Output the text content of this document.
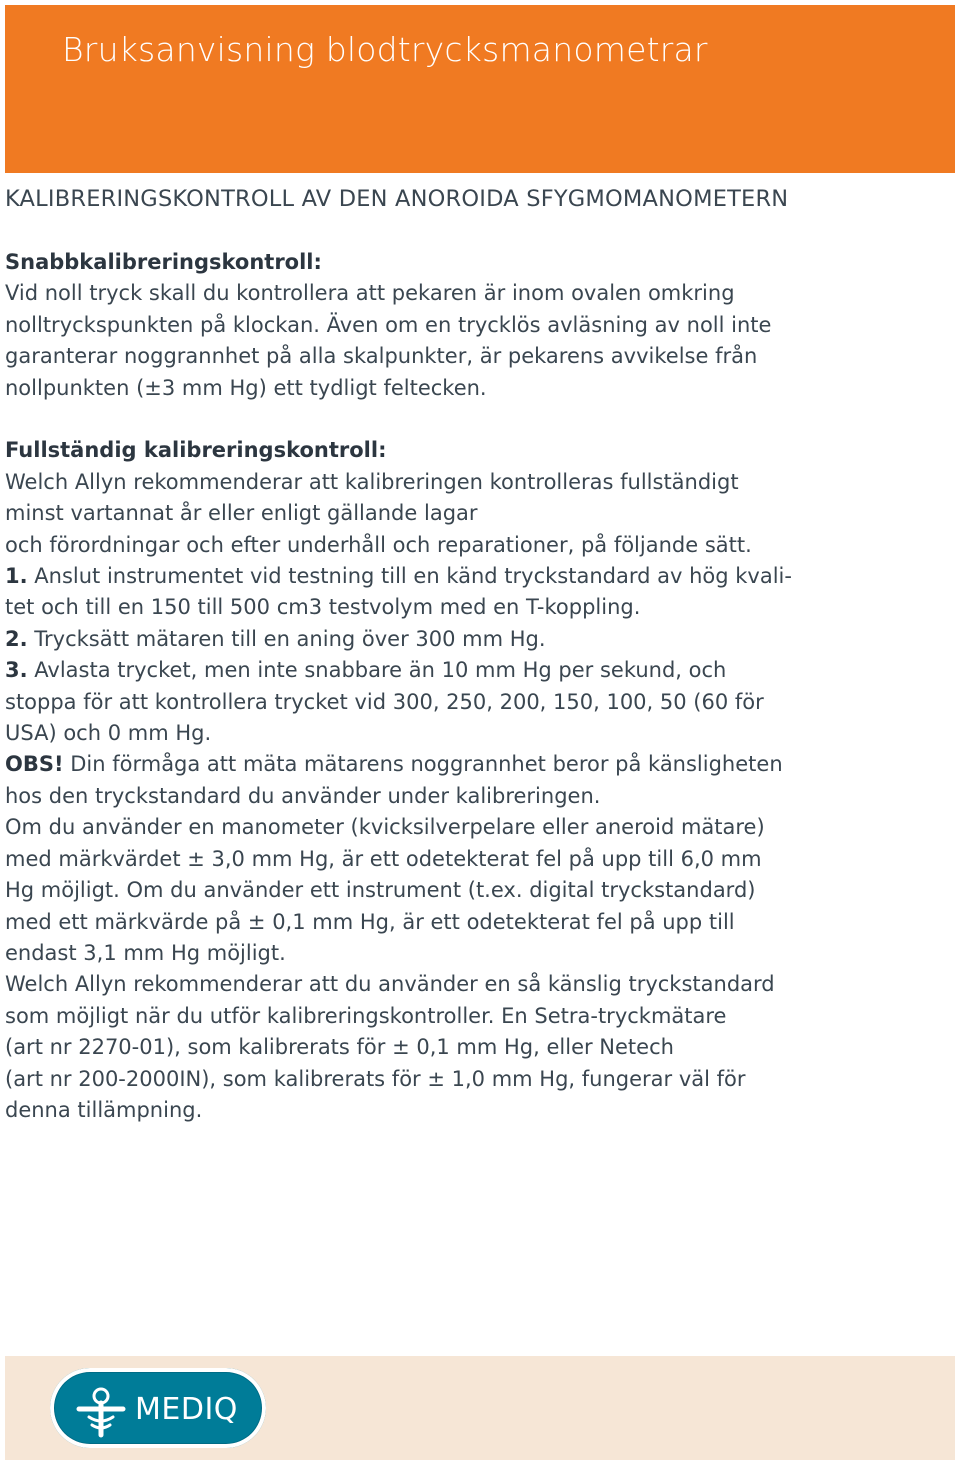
Bruksanvisning blodtrycksmanometrar
KALIBRERINGSKONTROLL AV DEN ANOROIDA SFYGMOMANOMETERN
Snabbkalibreringskontroll:
Vid noll tryck skall du kontrollera att pekaren är inom ovalen omkring
nolltryckspunkten på klockan. Även om en trycklös avläsning av noll inte
garanterar noggrannhet på alla skalpunkter, är pekarens avvikelse från
nollpunkten (±3 mm Hg) ett tydligt feltecken.
Fullständig kalibreringskontroll:
Welch Allyn rekommenderar att kalibreringen kontrolleras fullständigt
minst vartannat år eller enligt gällande lagar
och förordningar och efter underhåll och reparationer, på följande sätt.
1. Anslut instrumentet vid testning till en känd tryckstandard av hög kvali-
tet och till en 150 till 500 cm3 testvolym med en T-koppling.
2. Trycksätt mätaren till en aning över 300 mm Hg.
3. Avlasta trycket, men inte snabbare än 10 mm Hg per sekund, och
stoppa för att kontrollera trycket vid 300, 250, 200, 150, 100, 50 (60 för
USA) och 0 mm Hg.
OBS! Din förmåga att mäta mätarens noggrannhet beror på känsligheten
hos den tryckstandard du använder under kalibreringen.
Om du använder en manometer (kvicksilverpelare eller aneroid mätare)
med märkvärdet ± 3,0 mm Hg, är ett odetekterat fel på upp till 6,0 mm
Hg möjligt. Om du använder ett instrument (t.ex. digital tryckstandard)
med ett märkvärde på ± 0,1 mm Hg, är ett odetekterat fel på upp till
endast 3,1 mm Hg möjligt.
Welch Allyn rekommenderar att du använder en så känslig tryckstandard
som möjligt när du utför kalibreringskontroller. En Setra-tryckmätare
(art nr 2270-01), som kalibrerats för ± 0,1 mm Hg, eller Netech
(art nr 200-2000IN), som kalibrerats för ± 1,0 mm Hg, fungerar väl för
denna tillämpning.
MEDIQ
